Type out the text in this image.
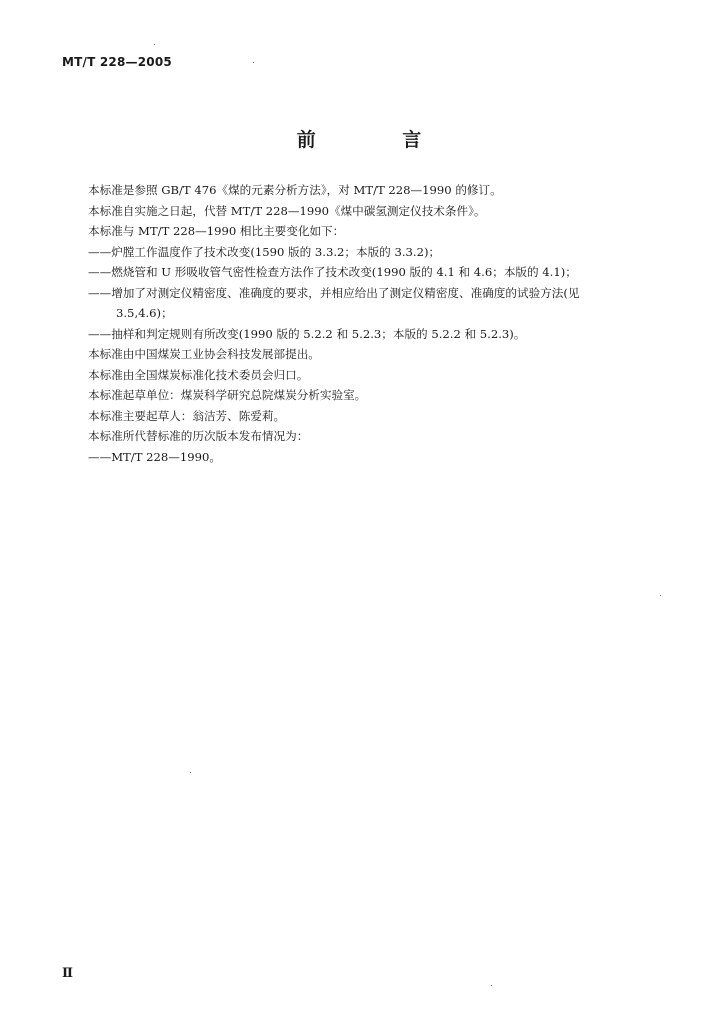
MT/T 228—2005
前 言

本标准是参照 GB/T 476《煤的元素分析方法》，对 MT/T 228—1990 的修订。

本标准自实施之日起，代替 MT/T 228—1990《煤中碳氢测定仪技术条件》。

本标准与 MT/T 228—1990 相比主要变化如下：

——炉膛工作温度作了技术改变(1590 版的 3.3.2；本版的 3.3.2)；

——燃烧管和 U 形吸收管气密性检查方法作了技术改变(1990 版的 4.1 和 4.6；本版的 4.1)；

——增加了对测定仪精密度、准确度的要求，并相应给出了测定仪精密度、准确度的试验方法(见

3.5,4.6)；

——抽样和判定规则有所改变(1990 版的 5.2.2 和 5.2.3；本版的 5.2.2 和 5.2.3)。

本标准由中国煤炭工业协会科技发展部提出。

本标准由全国煤炭标准化技术委员会归口。

本标准起草单位：煤炭科学研究总院煤炭分析实验室。

本标准主要起草人：翁洁芳、陈爱莉。

本标准所代替标准的历次版本发布情况为：

——MT/T 228—1990。

Ⅱ
